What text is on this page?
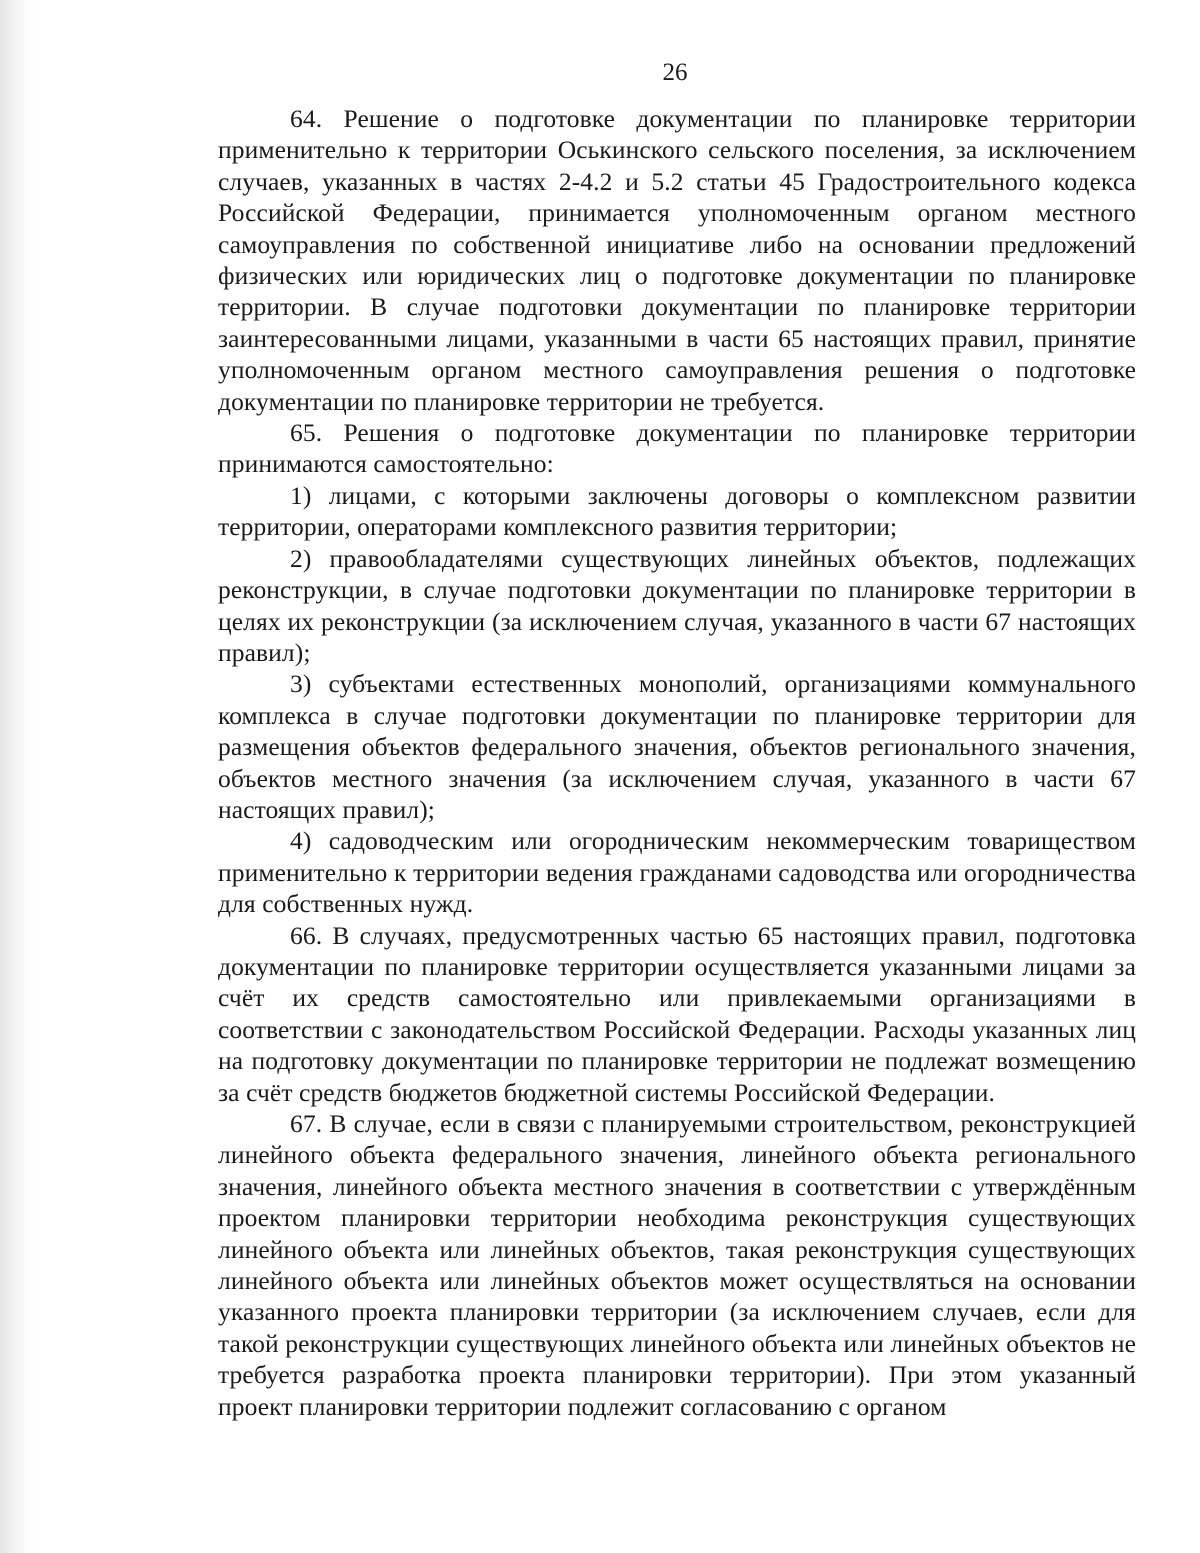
26

64. Решение о подготовке документации по планировке территории применительно к территории Оськинского сельского поселения, за исключением случаев, указанных в частях 2-4.2 и 5.2 статьи 45 Градостроительного кодекса Российской Федерации, принимается уполномоченным органом местного самоуправления по собственной инициативе либо на основании предложений физических или юридических лиц о подготовке документации по планировке территории. В случае подготовки документации по планировке территории заинтересованными лицами, указанными в части 65 настоящих правил, принятие уполномоченным органом местного самоуправления решения о подготовке документации по планировке территории не требуется.

65. Решения о подготовке документации по планировке территории принимаются самостоятельно:

1) лицами, с которыми заключены договоры о комплексном развитии территории, операторами комплексного развития территории;

2) правообладателями существующих линейных объектов, подлежащих реконструкции, в случае подготовки документации по планировке территории в целях их реконструкции (за исключением случая, указанного в части 67 настоящих правил);

3) субъектами естественных монополий, организациями коммунального комплекса в случае подготовки документации по планировке территории для размещения объектов федерального значения, объектов регионального значения, объектов местного значения (за исключением случая, указанного в части 67 настоящих правил);

4) садоводческим или огородническим некоммерческим товариществом применительно к территории ведения гражданами садоводства или огородничества для собственных нужд.

66. В случаях, предусмотренных частью 65 настоящих правил, подготовка документации по планировке территории осуществляется указанными лицами за счёт их средств самостоятельно или привлекаемыми организациями в соответствии с законодательством Российской Федерации. Расходы указанных лиц на подготовку документации по планировке территории не подлежат возмещению за счёт средств бюджетов бюджетной системы Российской Федерации.

67. В случае, если в связи с планируемыми строительством, реконструкцией линейного объекта федерального значения, линейного объекта регионального значения, линейного объекта местного значения в соответствии с утверждённым проектом планировки территории необходима реконструкция существующих линейного объекта или линейных объектов, такая реконструкция существующих линейного объекта или линейных объектов может осуществляться на основании указанного проекта планировки территории (за исключением случаев, если для такой реконструкции существующих линейного объекта или линейных объектов не требуется разработка проекта планировки территории). При этом указанный проект планировки территории подлежит согласованию с органом
